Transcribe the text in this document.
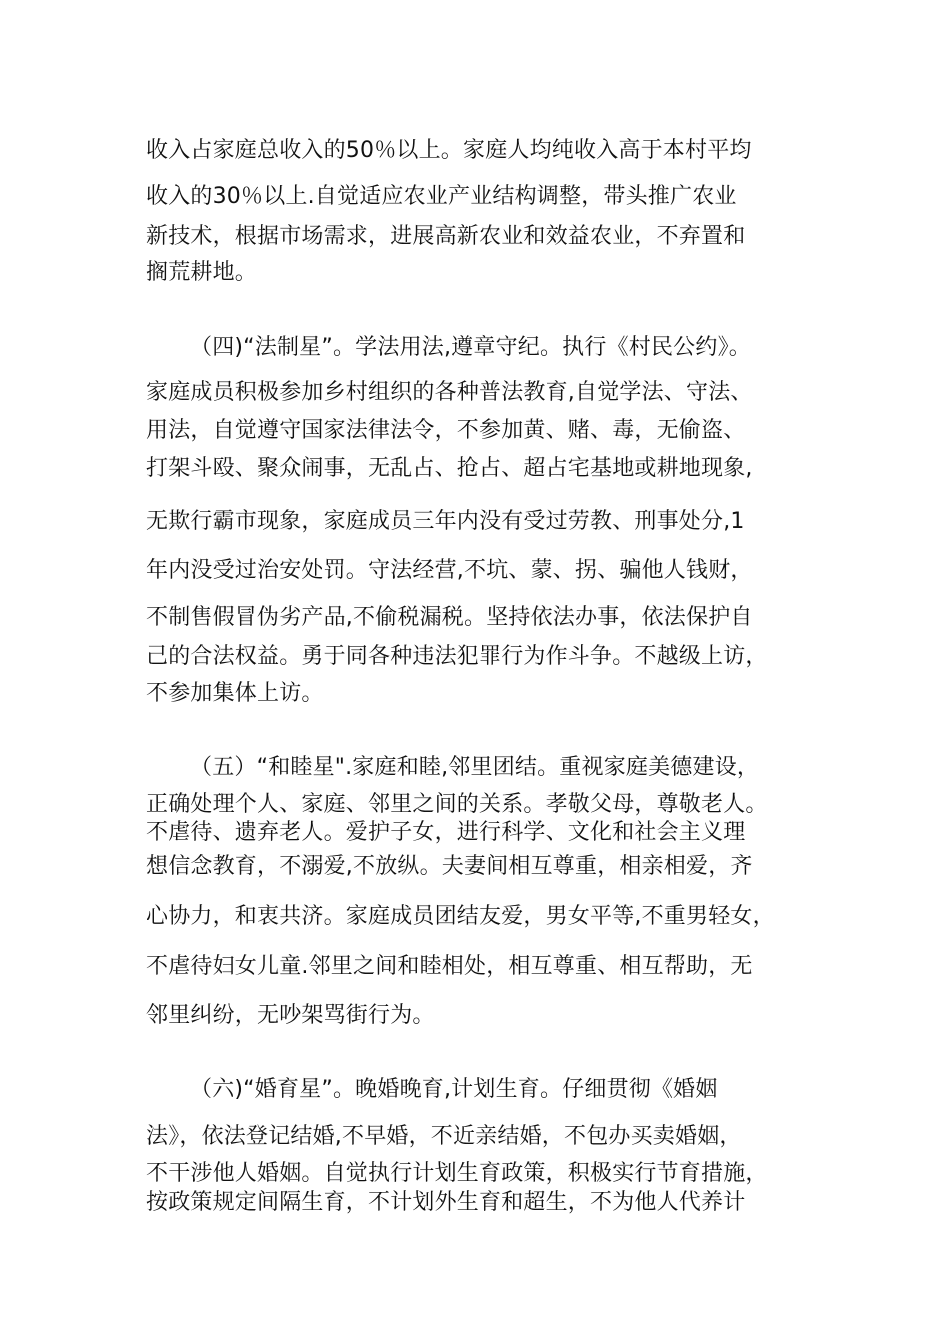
收入占家庭总收入的50％以上。家庭人均纯收入高于本村平均
收入的30％以上.自觉适应农业产业结构调整，带头推广农业
新技术，根据市场需求，进展高新农业和效益农业，不弃置和
搁荒耕地。
（四)“法制星”。学法用法,遵章守纪。执行《村民公约》。
家庭成员积极参加乡村组织的各种普法教育,自觉学法、守法、
用法，自觉遵守国家法律法令，不参加黄、赌、毒，无偷盗、
打架斗殴、聚众闹事，无乱占、抢占、超占宅基地或耕地现象,
无欺行霸市现象，家庭成员三年内没有受过劳教、刑事处分,1
年内没受过治安处罚。守法经营,不坑、蒙、拐、骗他人钱财，
不制售假冒伪劣产品,不偷税漏税。坚持依法办事，依法保护自
己的合法权益。勇于同各种违法犯罪行为作斗争。不越级上访，
不参加集体上访。
（五）“和睦星".家庭和睦,邻里团结。重视家庭美德建设，
正确处理个人、家庭、邻里之间的关系。孝敬父母，尊敬老人。
不虐待、遗弃老人。爱护子女，进行科学、文化和社会主义理
想信念教育，不溺爱,不放纵。夫妻间相互尊重，相亲相爱，齐
心协力，和衷共济。家庭成员团结友爱，男女平等,不重男轻女，
不虐待妇女儿童.邻里之间和睦相处，相互尊重、相互帮助，无
邻里纠纷，无吵架骂街行为。
（六)“婚育星”。晚婚晚育,计划生育。仔细贯彻《婚姻
法》，依法登记结婚,不早婚，不近亲结婚，不包办买卖婚姻，
不干涉他人婚姻。自觉执行计划生育政策，积极实行节育措施，
按政策规定间隔生育，不计划外生育和超生，不为他人代养计
